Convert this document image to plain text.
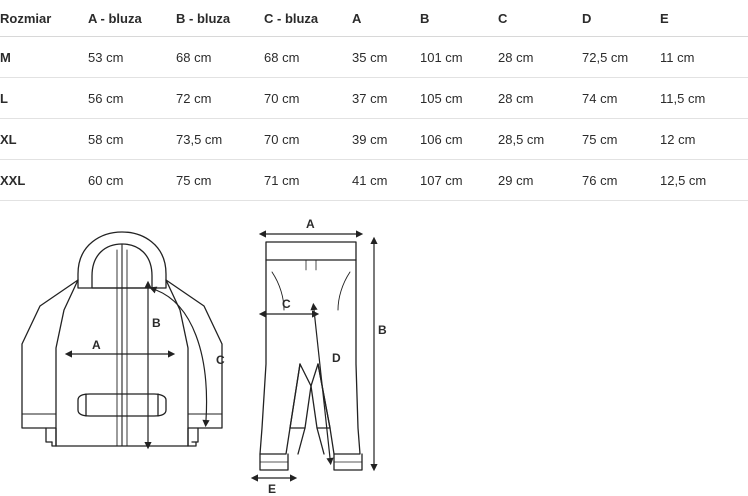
Rozmiar	A - bluza	B - bluza	C - bluza	A	B	C	D	E
M	53 cm	68 cm	68 cm	35 cm	101 cm	28 cm	72,5 cm	11 cm
L	56 cm	72 cm	70 cm	37 cm	105 cm	28 cm	74 cm	11,5 cm
XL	58 cm	73,5 cm	70 cm	39 cm	106 cm	28,5 cm	75 cm	12 cm
XXL	60 cm	75 cm	71 cm	41 cm	107 cm	29 cm	76 cm	12,5 cm
A
B
C
A
B
C
D
E
